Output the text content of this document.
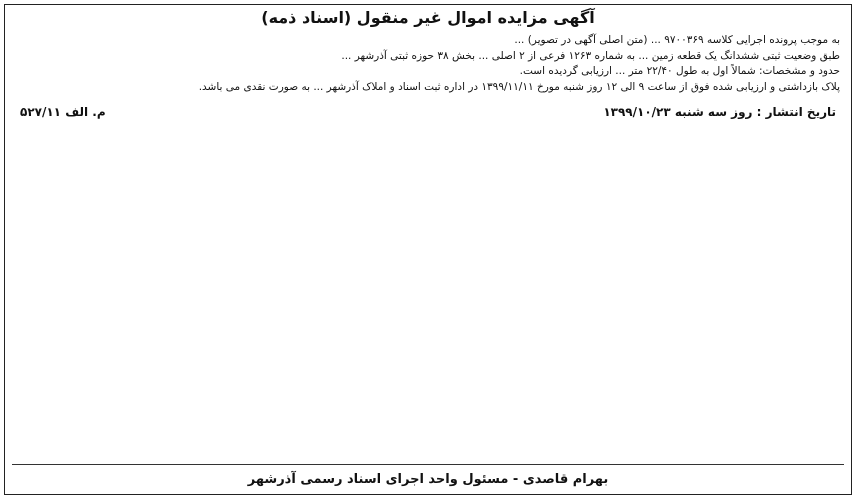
آگهی مزایده اموال غیر منقول (اسناد ذمه)

به موجب پرونده اجرایی کلاسه ۹۷۰۰۳۶۹ ... (متن اصلی آگهی در تصویر) ...

طبق وضعیت ثبتی ششدانگ یک قطعه زمین ... به شماره ۱۲۶۳ فرعی از ۲ اصلی ... بخش ۳۸ حوزه ثبتی آذرشهر ...

حدود و مشخصات: شمالاً اول به طول ۲۲/۴۰ متر ... ارزیابی گردیده است.

پلاک بازداشتی و ارزیابی شده فوق از ساعت ۹ الی ۱۲ روز شنبه مورخ ۱۳۹۹/۱۱/۱۱ در اداره ثبت اسناد و املاک آذرشهر ... به صورت نقدی می باشد.

تاریخ انتشار : روز سه شنبه ۱۳۹۹/۱۰/۲۳
م. الف ۵۲۷/۱۱
بهرام قاصدی - مسئول واحد اجرای اسناد رسمی آذرشهر
